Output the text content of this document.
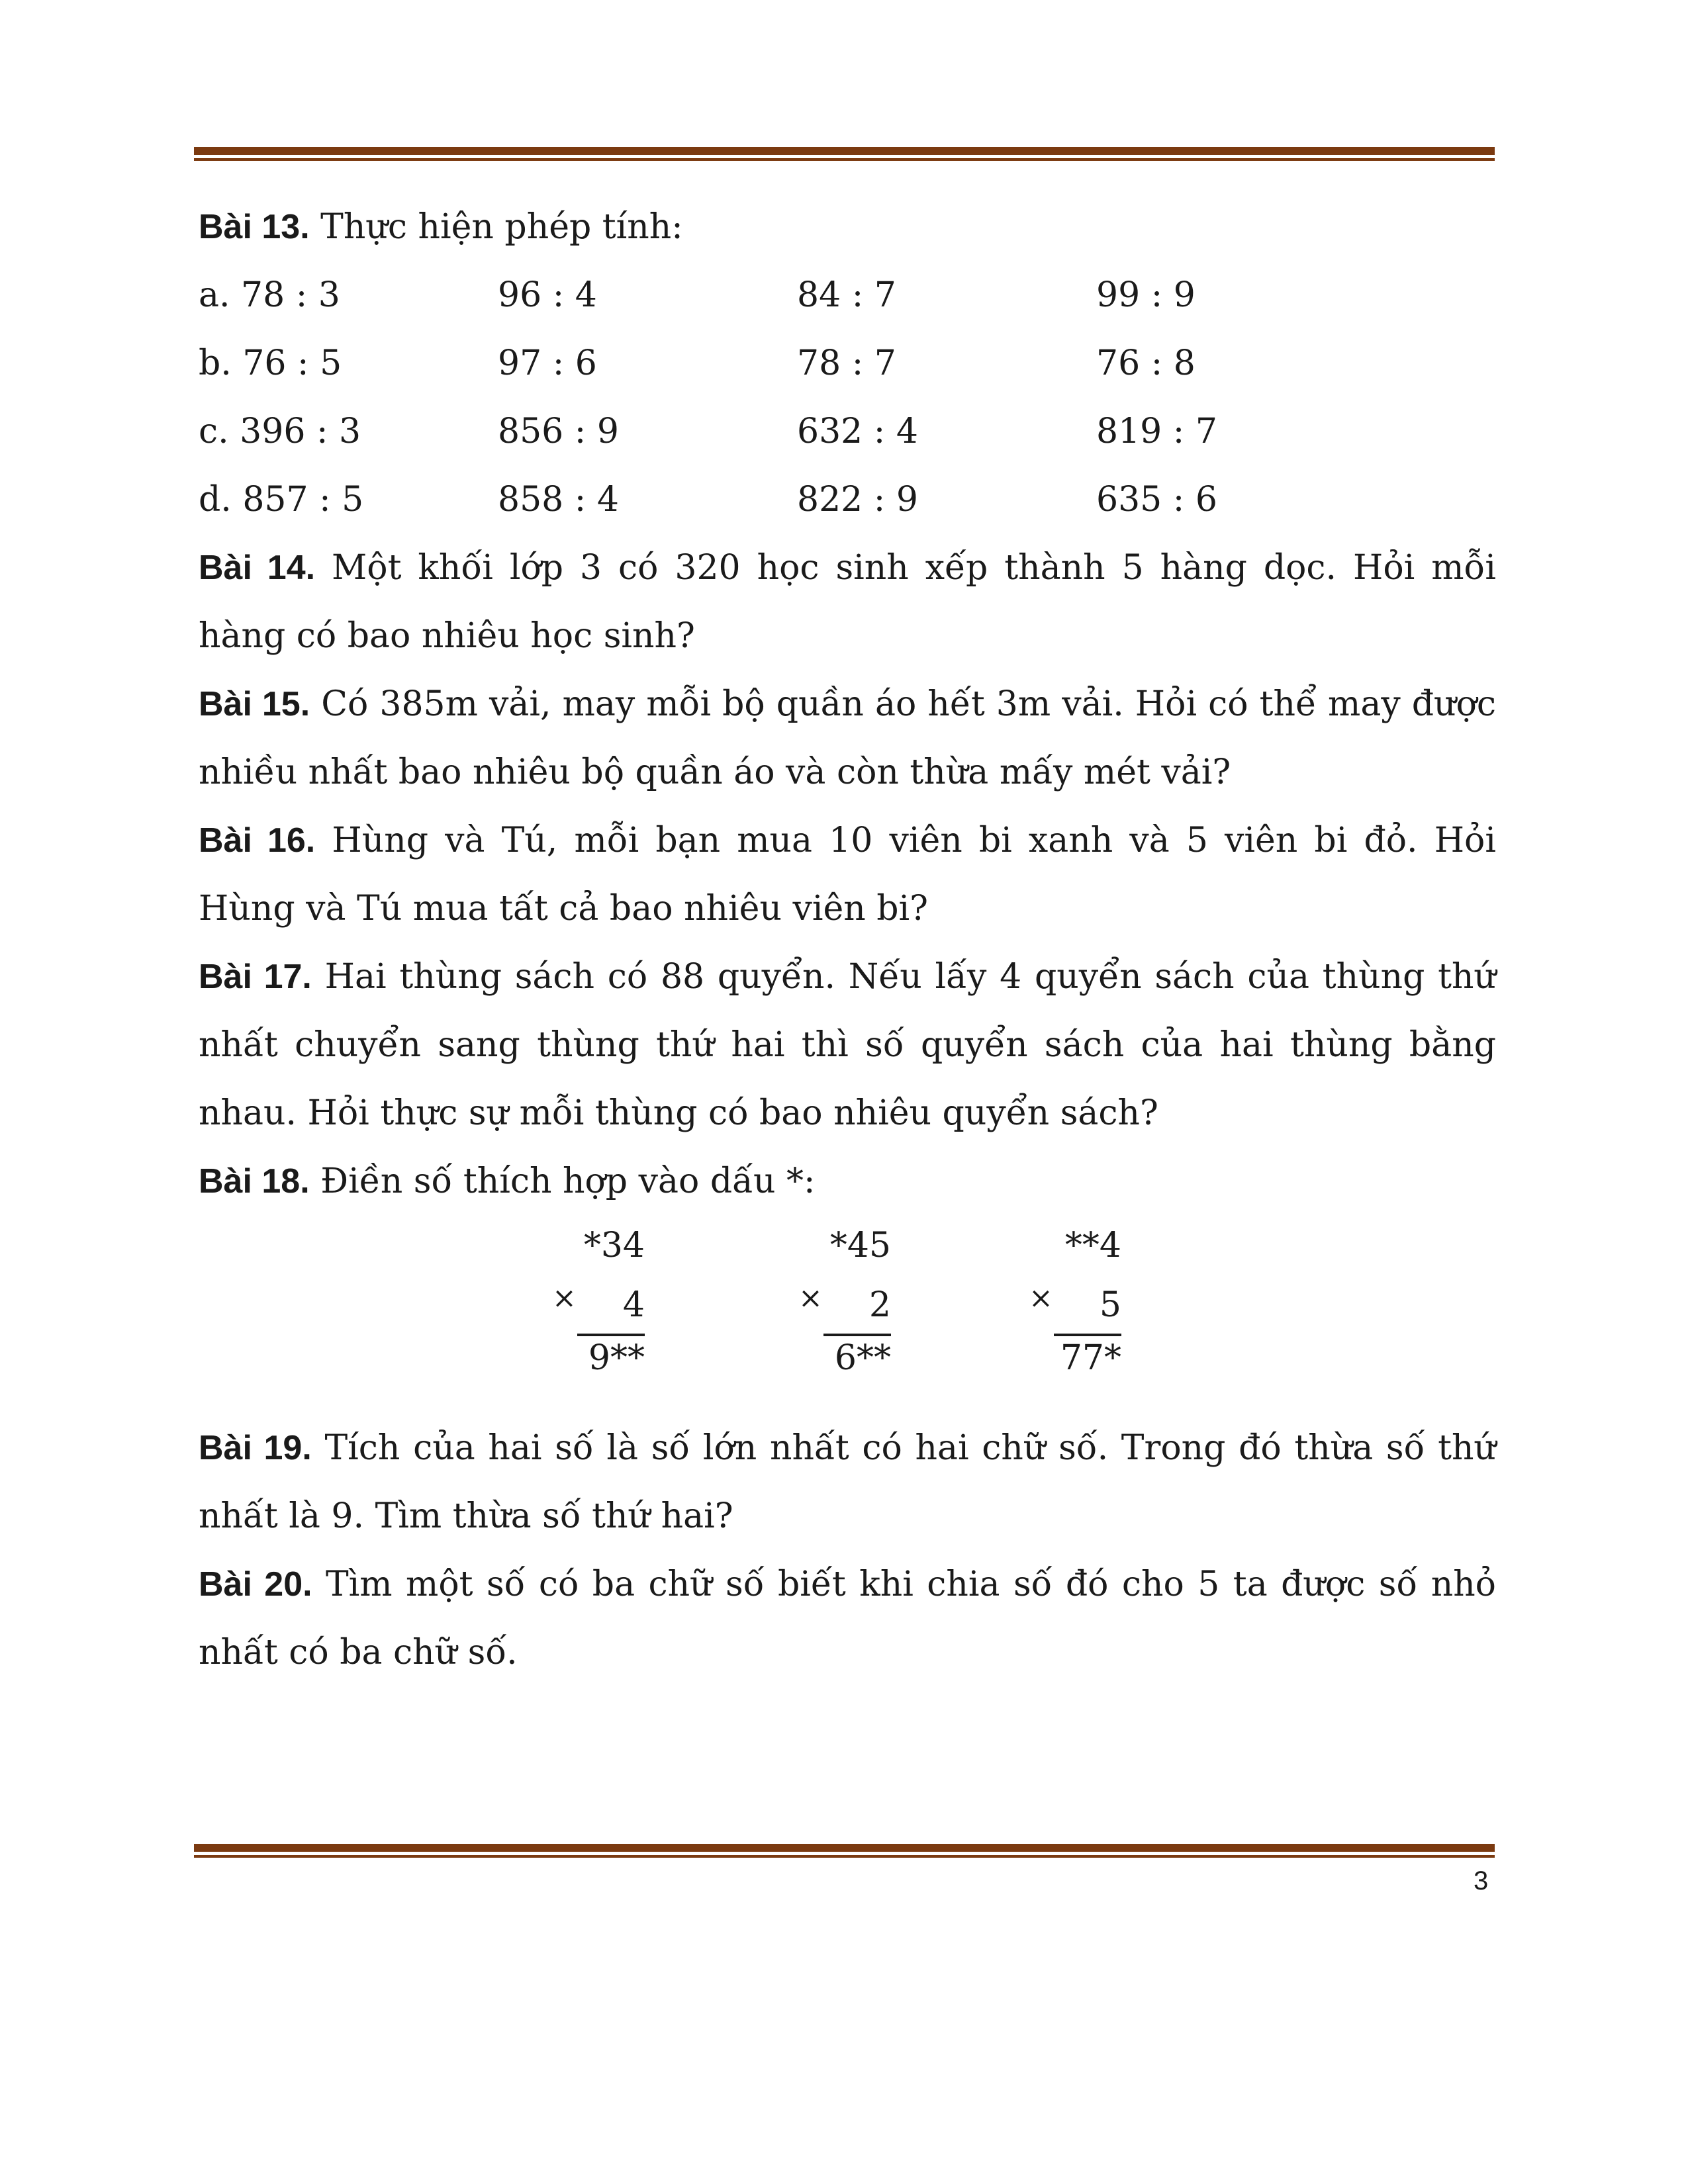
Bài 13. Thực hiện phép tính:
a. 78 : 3	96 : 4	84 : 7	99 : 9
b. 76 : 5	97 : 6	78 : 7	76 : 8
c. 396 : 3	856 : 9	632 : 4	819 : 7
d. 857 : 5	858 : 4	822 : 9	635 : 6
Bài 14. Một khối lớp 3 có 320 học sinh xếp thành 5 hàng dọc. Hỏi mỗi hàng có bao nhiêu học sinh?
Bài 15. Có 385m vải, may mỗi bộ quần áo hết 3m vải. Hỏi có thể may được nhiều nhất bao nhiêu bộ quần áo và còn thừa mấy mét vải?
Bài 16. Hùng và Tú, mỗi bạn mua 10 viên bi xanh và 5 viên bi đỏ. Hỏi Hùng và Tú mua tất cả bao nhiêu viên bi?
Bài 17. Hai thùng sách có 88 quyển. Nếu lấy 4 quyển sách của thùng thứ nhất chuyển sang thùng thứ hai thì số quyển sách của hai thùng bằng nhau. Hỏi thực sự mỗi thùng có bao nhiêu quyển sách?
Bài 18. Điền số thích hợp vào dấu *:
*34
× 4
9**
*45
× 2
6**
**4
× 5
77*
Bài 19. Tích của hai số là số lớn nhất có hai chữ số. Trong đó thừa số thứ nhất là 9. Tìm thừa số thứ hai?
Bài 20. Tìm một số có ba chữ số biết khi chia số đó cho 5 ta được số nhỏ nhất có ba chữ số.
3
